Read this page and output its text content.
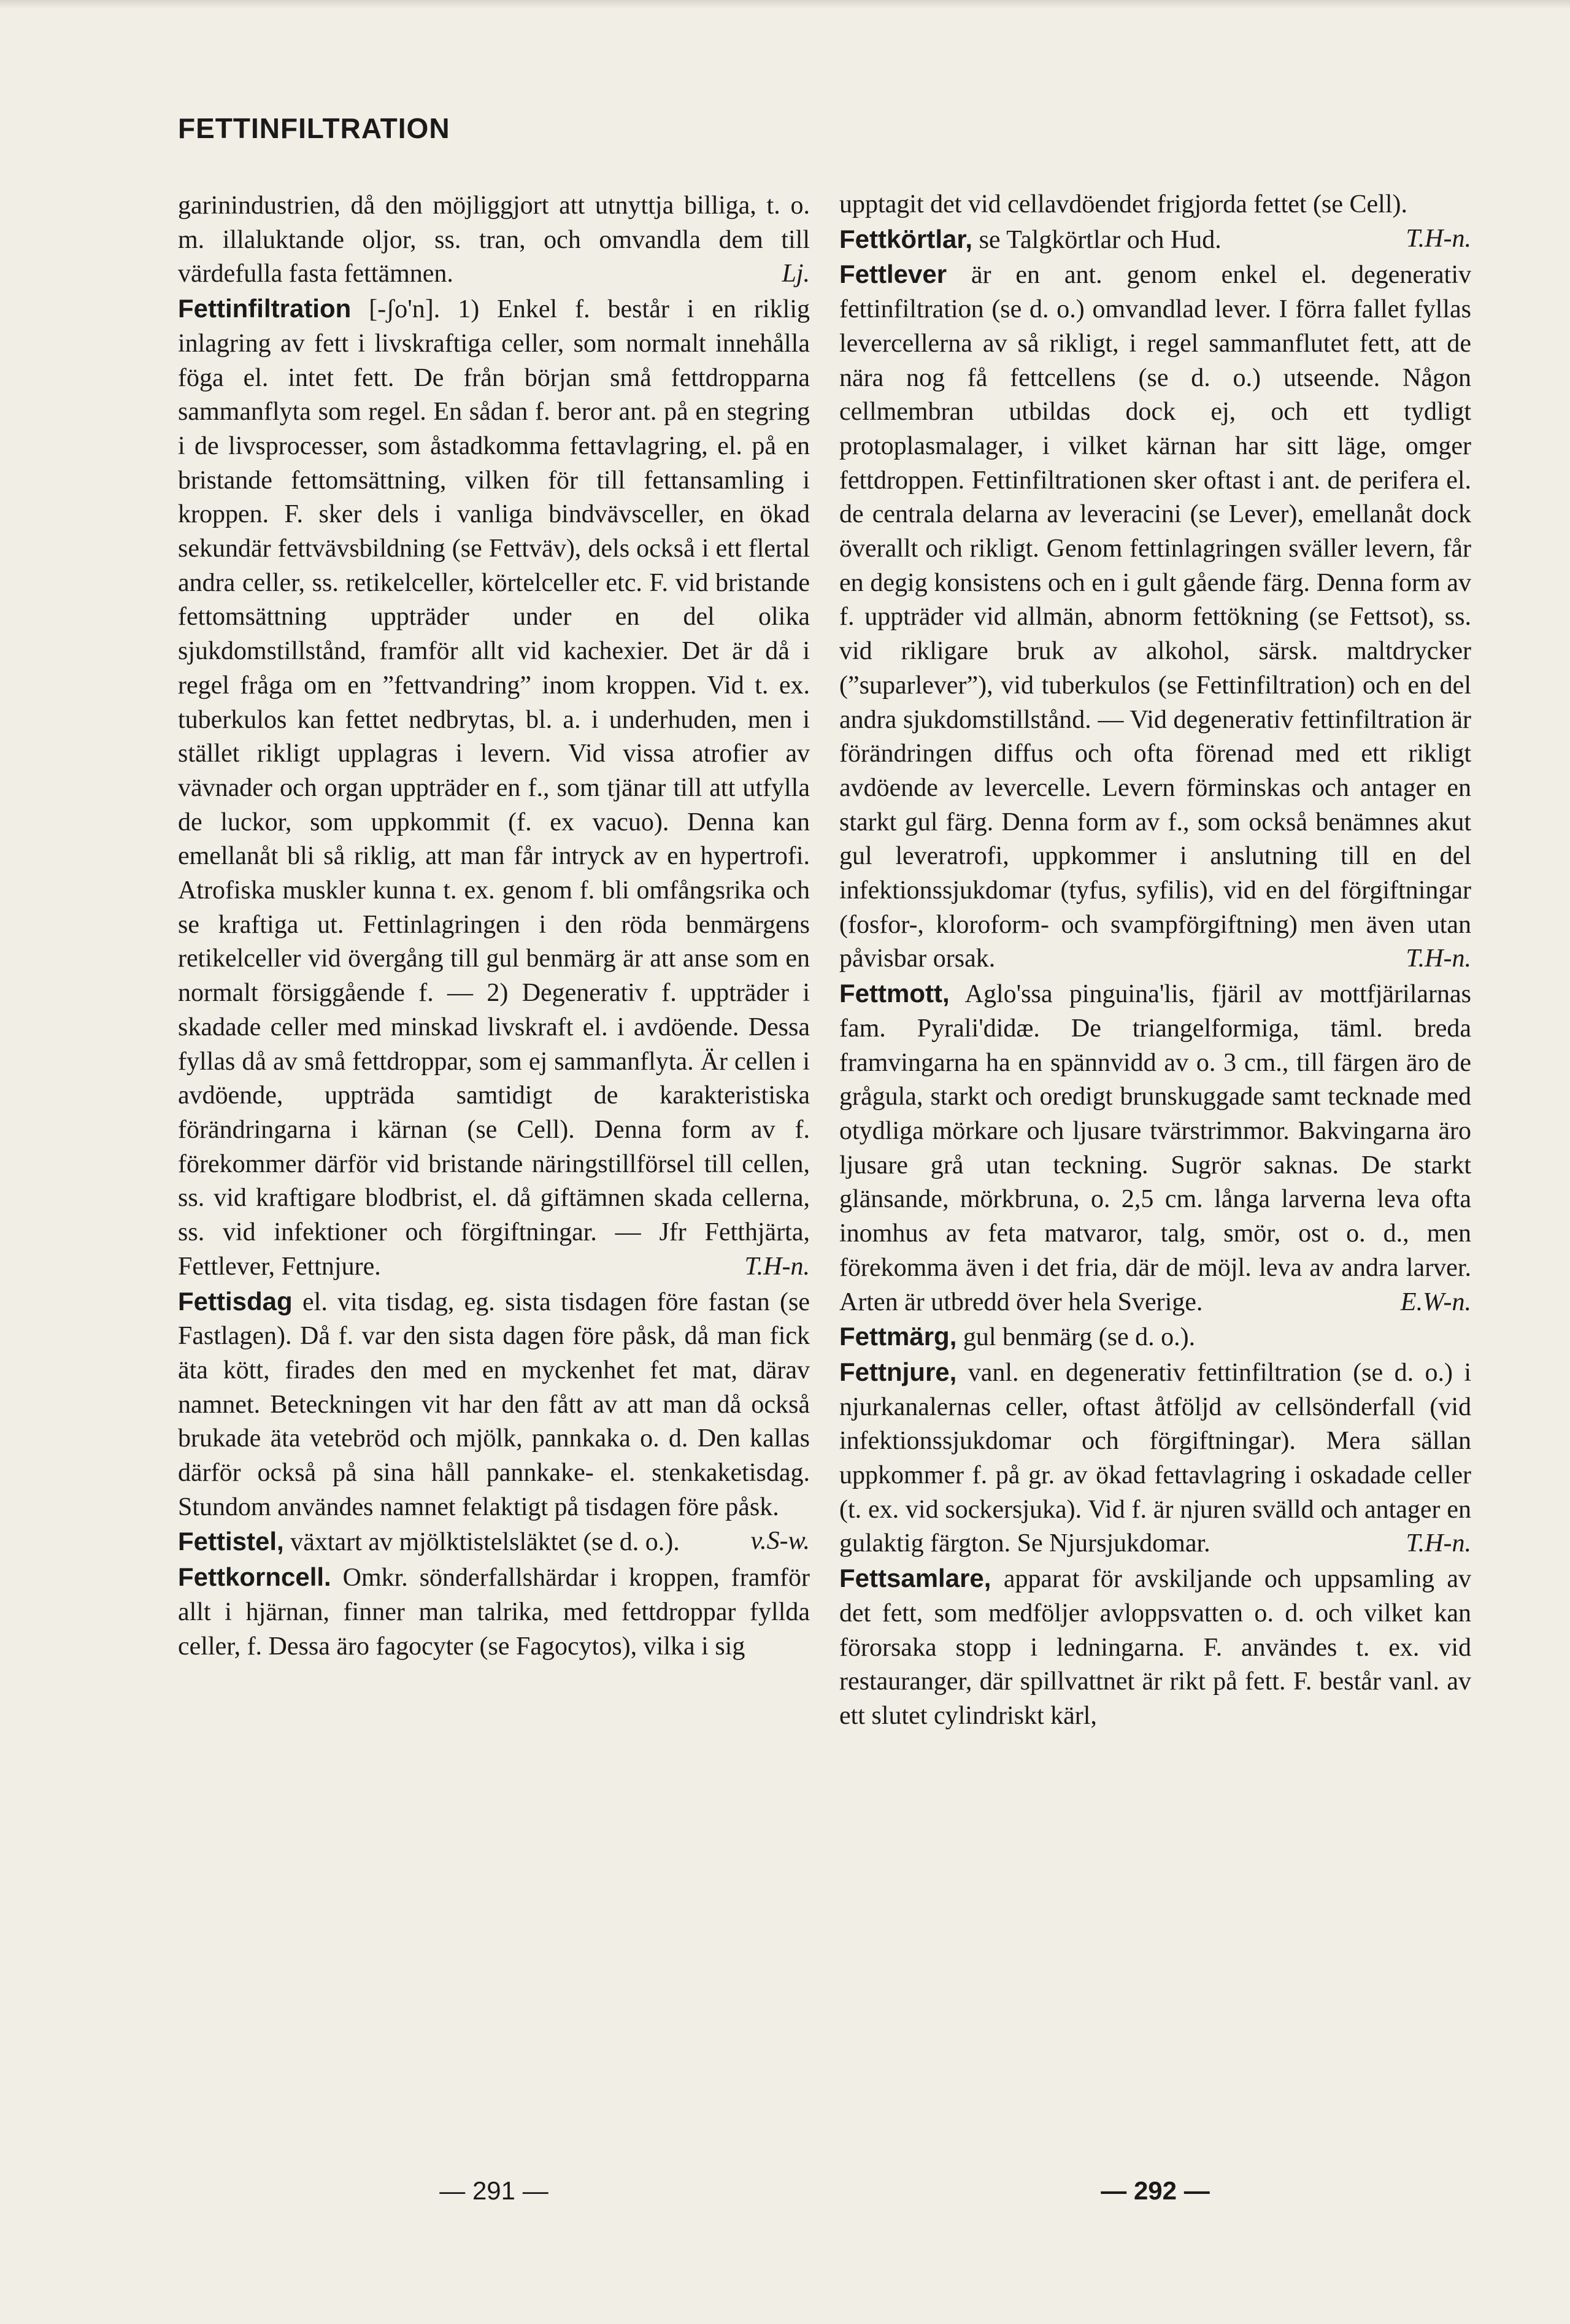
FETTINFILTRATION

garinindustrien, då den möjliggjort att utnyttja billiga, t. o. m. illaluktande oljor, ss. tran, och omvandla dem till värdefulla fasta fettämnen.	Lj.

Fettinfiltration [-ʃo'n]. 1) Enkel f. består i en riklig inlagring av fett i livskraftiga celler, som normalt innehålla föga el. intet fett. De från början små fettdropparna sammanflyta som regel. En sådan f. beror ant. på en stegring i de livsprocesser, som åstadkomma fettavlagring, el. på en bristande fettomsättning, vilken för till fettansamling i kroppen. F. sker dels i vanliga bindvävsceller, en ökad sekundär fettvävsbildning (se Fettväv), dels också i ett flertal andra celler, ss. retikelceller, körtelceller etc. F. vid bristande fettomsättning uppträder under en del olika sjukdomstillstånd, framför allt vid kachexier. Det är då i regel fråga om en ”fettvandring” inom kroppen. Vid t. ex. tuberkulos kan fettet nedbrytas, bl. a. i underhuden, men i stället rikligt upplagras i levern. Vid vissa atrofier av vävnader och organ uppträder en f., som tjänar till att utfylla de luckor, som uppkommit (f. ex vacuo). Denna kan emellanåt bli så riklig, att man får intryck av en hypertrofi. Atrofiska muskler kunna t. ex. genom f. bli omfångsrika och se kraftiga ut. Fettinlagringen i den röda benmärgens retikelceller vid övergång till gul benmärg är att anse som en normalt försiggående f. — 2) Degenerativ f. uppträder i skadade celler med minskad livskraft el. i avdöende. Dessa fyllas då av små fettdroppar, som ej sammanflyta. Är cellen i avdöende, uppträda samtidigt de karakteristiska förändringarna i kärnan (se Cell). Denna form av f. förekommer därför vid bristande näringstillförsel till cellen, ss. vid kraftigare blodbrist, el. då giftämnen skada cellerna, ss. vid infektioner och förgiftningar. — Jfr Fetthjärta, Fettlever, Fettnjure.	T.H-n.

Fettisdag el. vita tisdag, eg. sista tisdagen före fastan (se Fastlagen). Då f. var den sista dagen före påsk, då man fick äta kött, firades den med en myckenhet fet mat, därav namnet. Beteckningen vit har den fått av att man då också brukade äta vetebröd och mjölk, pannkaka o. d. Den kallas därför också på sina håll pannkake- el. stenkaketisdag. Stundom användes namnet felaktigt på tisdagen före påsk.
v.S-w.

Fettistel, växtart av mjölktistelsläktet (se d. o.).

Fettkorncell. Omkr. sönderfallshärdar i kroppen, framför allt i hjärnan, finner man talrika, med fettdroppar fyllda celler, f. Dessa äro fagocyter (se Fagocytos), vilka i sig

upptagit det vid cellavdöendet frigjorda fettet (se Cell).
T.H-n.

Fettkörtlar, se Talgkörtlar och Hud.

Fettlever är en ant. genom enkel el. degenerativ fettinfiltration (se d. o.) omvandlad lever. I förra fallet fyllas levercellerna av så rikligt, i regel sammanflutet fett, att de nära nog få fettcellens (se d. o.) utseende. Någon cellmembran utbildas dock ej, och ett tydligt protoplasmalager, i vilket kärnan har sitt läge, omger fettdroppen. Fettinfiltrationen sker oftast i ant. de perifera el. de centrala delarna av leveracini (se Lever), emellanåt dock överallt och rikligt. Genom fettinlagringen sväller levern, får en degig konsistens och en i gult gående färg. Denna form av f. uppträder vid allmän, abnorm fettökning (se Fettsot), ss. vid rikligare bruk av alkohol, särsk. maltdrycker (”suparlever”), vid tuberkulos (se Fettinfiltration) och en del andra sjukdomstillstånd. — Vid degenerativ fettinfiltration är förändringen diffus och ofta förenad med ett rikligt avdöende av levercelle. Levern förminskas och antager en starkt gul färg. Denna form av f., som också benämnes akut gul leveratrofi, uppkommer i anslutning till en del infektionssjukdomar (tyfus, syfilis), vid en del förgiftningar (fosfor-, kloroform- och svampförgiftning) men även utan påvisbar orsak.	T.H-n.

Fettmott, Aglo'ssa pinguina'lis, fjäril av mottfjärilarnas fam. Pyrali'didæ. De triangelformiga, täml. breda framvingarna ha en spännvidd av o. 3 cm., till färgen äro de grågula, starkt och oredigt brunskuggade samt tecknade med otydliga mörkare och ljusare tvärstrimmor. Bakvingarna äro ljusare grå utan teckning. Sugrör saknas. De starkt glänsande, mörkbruna, o. 2,5 cm. långa larverna leva ofta inomhus av feta matvaror, talg, smör, ost o. d., men förekomma även i det fria, där de möjl. leva av andra larver. Arten är utbredd över hela Sverige.	E.W-n.

Fettmärg, gul benmärg (se d. o.).

Fettnjure, vanl. en degenerativ fettinfiltration (se d. o.) i njurkanalernas celler, oftast åtföljd av cellsönderfall (vid infektionssjukdomar och förgiftningar). Mera sällan uppkommer f. på gr. av ökad fettavlagring i oskadade celler (t. ex. vid sockersjuka). Vid f. är njuren svälld och antager en gulaktig färgton. Se Njursjukdomar.	T.H-n.

Fettsamlare, apparat för avskiljande och uppsamling av det fett, som medföljer avloppsvatten o. d. och vilket kan förorsaka stopp i ledningarna. F. användes t. ex. vid restauranger, där spillvattnet är rikt på fett. F. består vanl. av ett slutet cylindriskt kärl,

— 291 —	— 292 —
